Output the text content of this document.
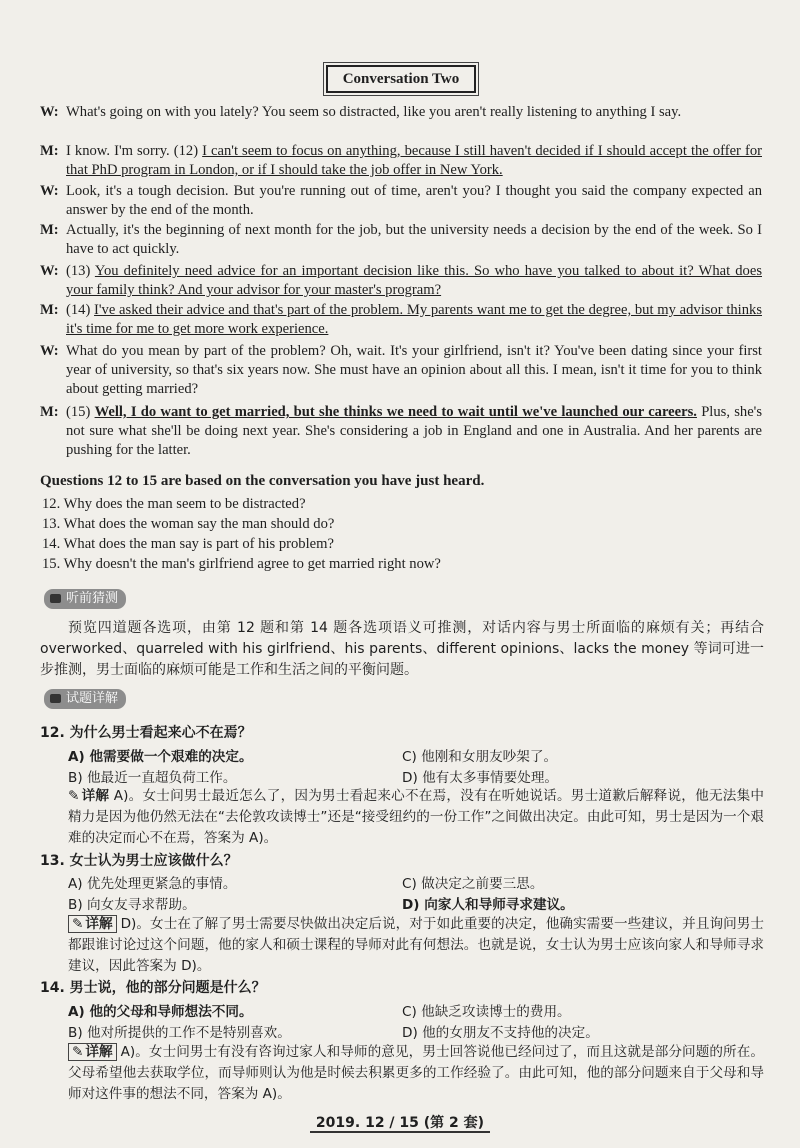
Conversation Two
W: What's going on with you lately? You seem so distracted, like you aren't really listening to anything I say.
M: I know. I'm sorry. (12) I can't seem to focus on anything, because I still haven't decided if I should accept the offer for that PhD program in London, or if I should take the job offer in New York.
W: Look, it's a tough decision. But you're running out of time, aren't you? I thought you said the company expected an answer by the end of the month.
M: Actually, it's the beginning of next month for the job, but the university needs a decision by the end of the week. So I have to act quickly.
W: (13) You definitely need advice for an important decision like this. So who have you talked to about it? What does your family think? And your advisor for your master's program?
M: (14) I've asked their advice and that's part of the problem. My parents want me to get the degree, but my advisor thinks it's time for me to get more work experience.
W: What do you mean by part of the problem? Oh, wait. It's your girlfriend, isn't it? You've been dating since your first year of university, so that's six years now. She must have an opinion about all this. I mean, isn't it time for you to think about getting married?
M: (15) Well, I do want to get married, but she thinks we need to wait until we've launched our careers. Plus, she's not sure what she'll be doing next year. She's considering a job in England and one in Australia. And her parents are pushing for the latter.
Questions 12 to 15 are based on the conversation you have just heard.
12. Why does the man seem to be distracted?
13. What does the woman say the man should do?
14. What does the man say is part of his problem?
15. Why doesn't the man's girlfriend agree to get married right now?
听前猜测
预览四道题各选项，由第 12 题和第 14 题各选项语义可推测，对话内容与男士所面临的麻烦有关；再结合 overworked、quarreled with his girlfriend、his parents、different opinions、lacks the money 等词可进一步推测，男士面临的麻烦可能是工作和生活之间的平衡问题。
试题详解
12. 为什么男士看起来心不在焉？
A) 他需要做一个艰难的决定。
B) 他最近一直超负荷工作。
C) 他刚和女朋友吵架了。
D) 他有太多事情要处理。
✎ 详解 A)。女士问男士最近怎么了，因为男士看起来心不在焉，没有在听她说话。男士道歉后解释说，他无法集中精力是因为他仍然无法在“去伦敦攻读博士”还是“接受纽约的一份工作”之间做出决定。由此可知，男士是因为一个艰难的决定而心不在焉，答案为 A)。
13. 女士认为男士应该做什么？
A) 优先处理更紧急的事情。
B) 向女友寻求帮助。
C) 做决定之前要三思。
D) 向家人和导师寻求建议。
✎ 详解 D)。女士在了解了男士需要尽快做出决定后说，对于如此重要的决定，他确实需要一些建议，并且询问男士都跟谁讨论过这个问题，他的家人和硕士课程的导师对此有何想法。也就是说，女士认为男士应该向家人和导师寻求建议，因此答案为 D)。
14. 男士说，他的部分问题是什么？
A) 他的父母和导师想法不同。
B) 他对所提供的工作不是特别喜欢。
C) 他缺乏攻读博士的费用。
D) 他的女朋友不支持他的决定。
✎ 详解 A)。女士问男士有没有咨询过家人和导师的意见，男士回答说他已经问过了，而且这就是部分问题的所在。父母希望他去获取学位，而导师则认为他是时候去积累更多的工作经验了。由此可知，他的部分问题来自于父母和导师对这件事的想法不同，答案为 A)。
2019. 12 / 15 (第 2 套)
